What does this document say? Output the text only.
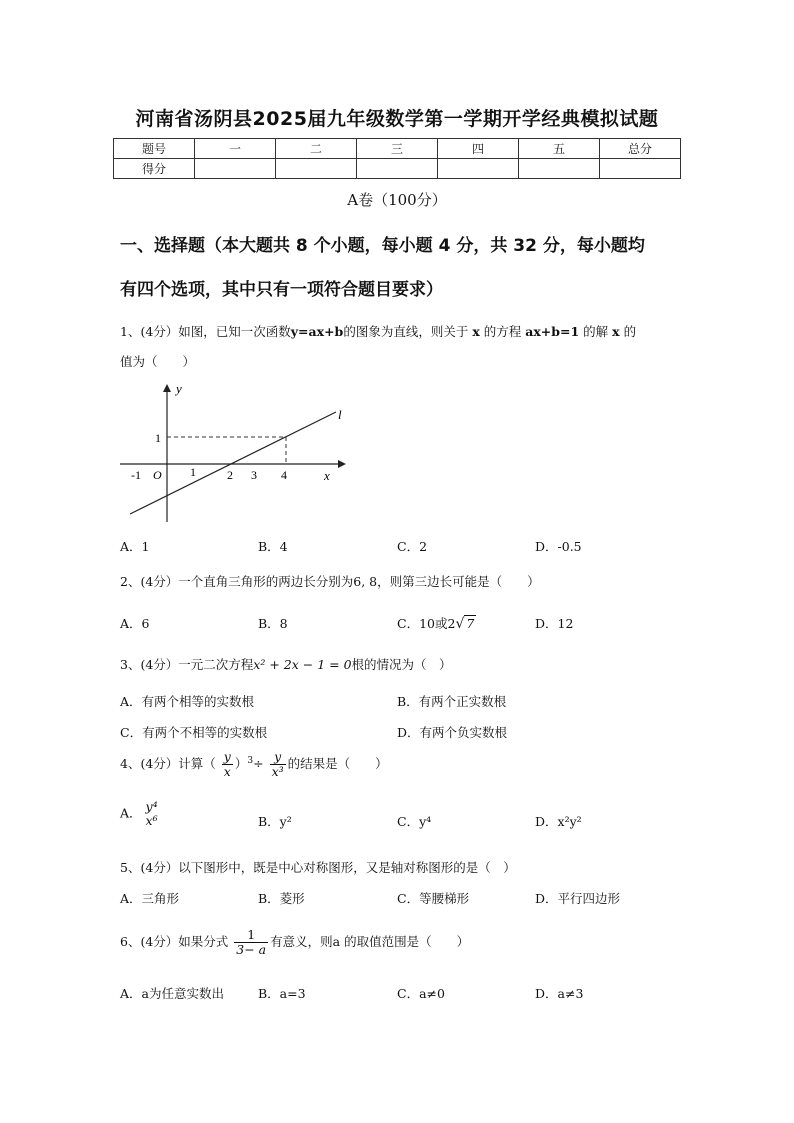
河南省汤阴县2025届九年级数学第一学期开学经典模拟试题
题号	一	二	三	四	五	总分
得分						
A卷（100分）
一、选择题（本大题共 8 个小题，每小题 4 分，共 32 分，每小题均
有四个选项，其中只有一项符合题目要求）
1、(4分）如图，已知一次函数y=ax+b的图象为直线，则关于 x 的方程 ax+b=1 的解 x 的
值为（　　）
y
x
l
O
-1	1	2 3 4
1
A．1	B．4	C．2	D．-0.5
2、(4分）一个直角三角形的两边长分别为6, 8，则第三边长可能是（　　）
A．6	B．8	C．10或2√ 7	D．12
3、(4分）一元二次方程x² + 2x − 1 = 0根的情况为（　）
A．有两个相等的实数根	B．有两个正实数根
C．有两个不相等的实数根	D．有两个负实数根
4、(4分）计算（ $\frac{y}{x} )^3\div \frac{y}{\text{x³}}$ 的结果是（　　）
A． y⁴
x⁶	B．y²	C．y⁴	D．x²y²
5、(4分）以下图形中，既是中心对称图形，又是轴对称图形的是（　）
A．三角形	B．菱形	C．等腰梯形	D．平行四边形
6、(4分）如果分式 $\frac{1}{3- a}$ 有意义，则a 的取值范围是（　　）
A．a为任意实数出	B．a=3	C．a≠0	D．a≠3
